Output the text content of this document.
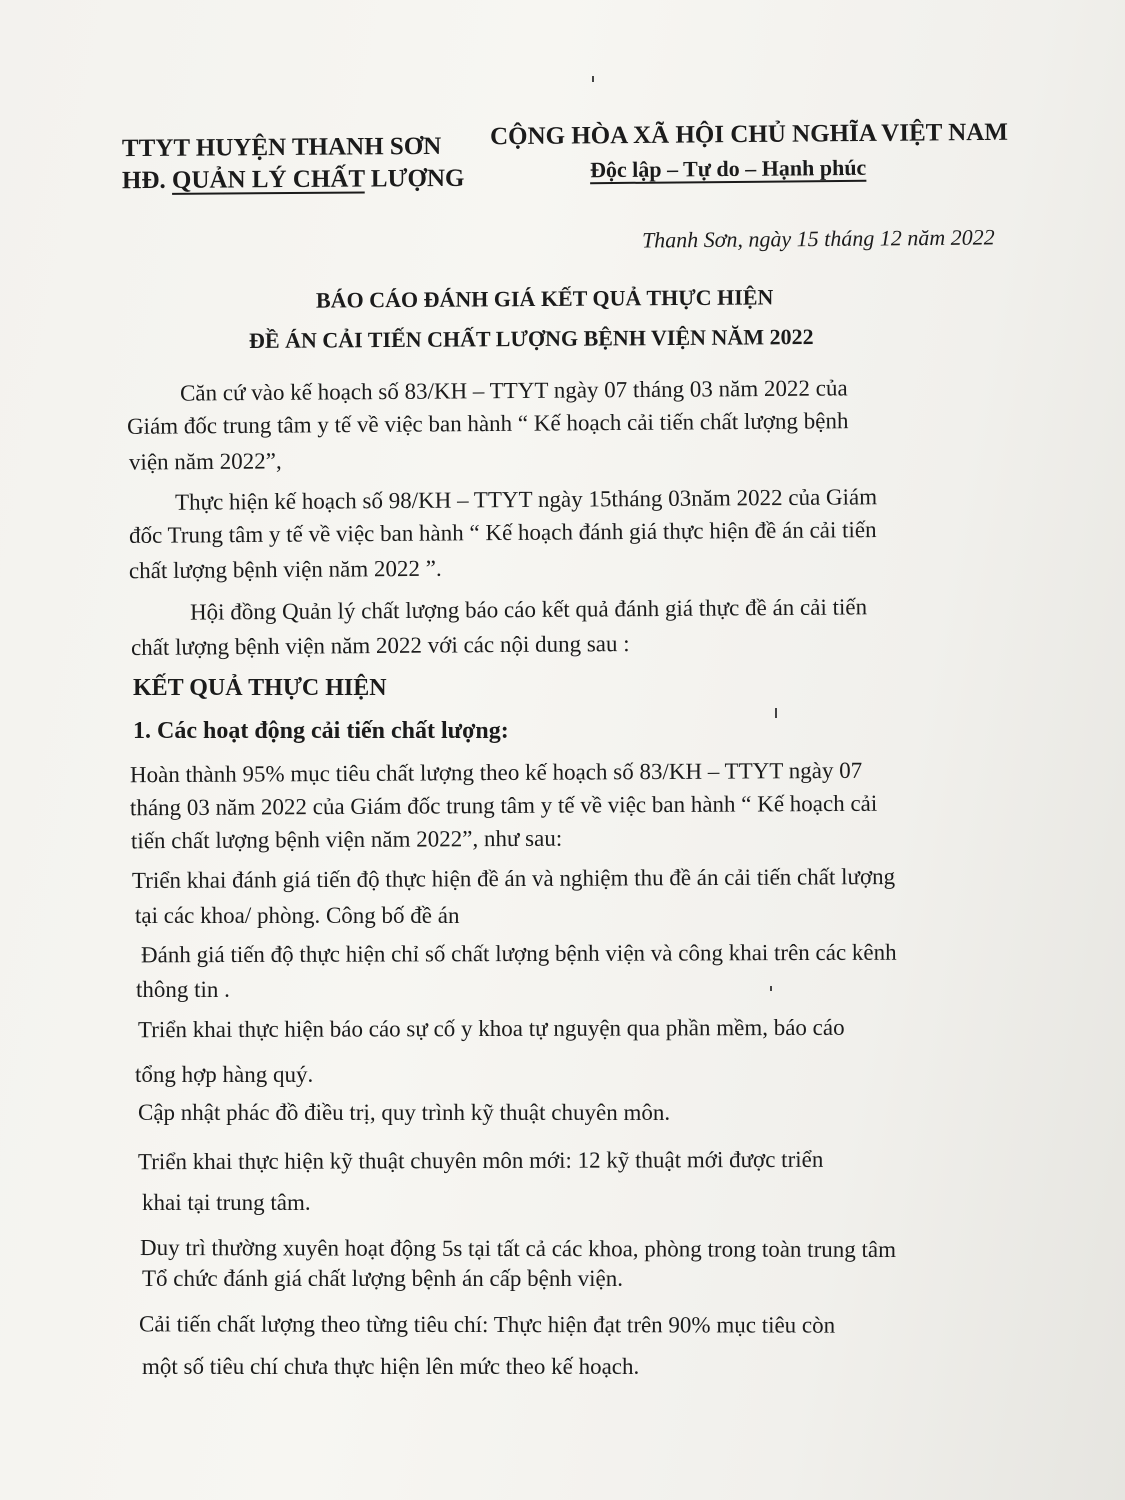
TTYT HUYỆN THANH SƠN
HĐ. QUẢN LÝ CHẤT LƯỢNG
CỘNG HÒA XÃ HỘI CHỦ NGHĨA VIỆT NAM
Độc lập – Tự do – Hạnh phúc
Thanh Sơn, ngày 15 tháng 12 năm 2022
BÁO CÁO ĐÁNH GIÁ KẾT QUẢ THỰC HIỆN
ĐỀ ÁN CẢI TIẾN CHẤT LƯỢNG BỆNH VIỆN NĂM 2022
Căn cứ vào kế hoạch số 83/KH – TTYT ngày 07 tháng 03 năm 2022 của
Giám đốc trung tâm y tế về việc ban hành “ Kế hoạch cải tiến chất lượng bệnh
viện năm 2022”,
Thực hiện kế hoạch số 98/KH – TTYT ngày 15tháng 03năm 2022 của Giám
đốc Trung tâm y tế về việc ban hành “ Kế hoạch đánh giá thực hiện đề án cải tiến
chất lượng bệnh viện năm 2022 ”.
Hội đồng Quản lý chất lượng báo cáo kết quả đánh giá thực đề án cải tiến
chất lượng bệnh viện năm 2022 với các nội dung sau :
KẾT QUẢ THỰC HIỆN
1. Các hoạt động cải tiến chất lượng:
Hoàn thành 95% mục tiêu chất lượng theo kế hoạch số 83/KH – TTYT ngày 07
tháng 03 năm 2022 của Giám đốc trung tâm y tế về việc ban hành “ Kế hoạch cải
tiến chất lượng bệnh viện năm 2022”, như sau:
Triển khai đánh giá tiến độ thực hiện đề án và nghiệm thu đề án cải tiến chất lượng
tại các khoa/ phòng. Công bố đề án
Đánh giá tiến độ thực hiện chỉ số chất lượng bệnh viện và công khai trên các kênh
thông tin .
Triển khai thực hiện báo cáo sự cố y khoa tự nguyện qua phần mềm, báo cáo
tổng hợp hàng quý.
Cập nhật phác đồ điều trị, quy trình kỹ thuật chuyên môn.
Triển khai thực hiện kỹ thuật chuyên môn mới: 12 kỹ thuật mới được triển
khai tại trung tâm.
Duy trì thường xuyên hoạt động 5s tại tất cả các khoa, phòng trong toàn trung tâm
Tổ chức đánh giá chất lượng bệnh án cấp bệnh viện.
Cải tiến chất lượng theo từng tiêu chí: Thực hiện đạt trên 90% mục tiêu còn
một số tiêu chí chưa thực hiện lên mức theo kế hoạch.
